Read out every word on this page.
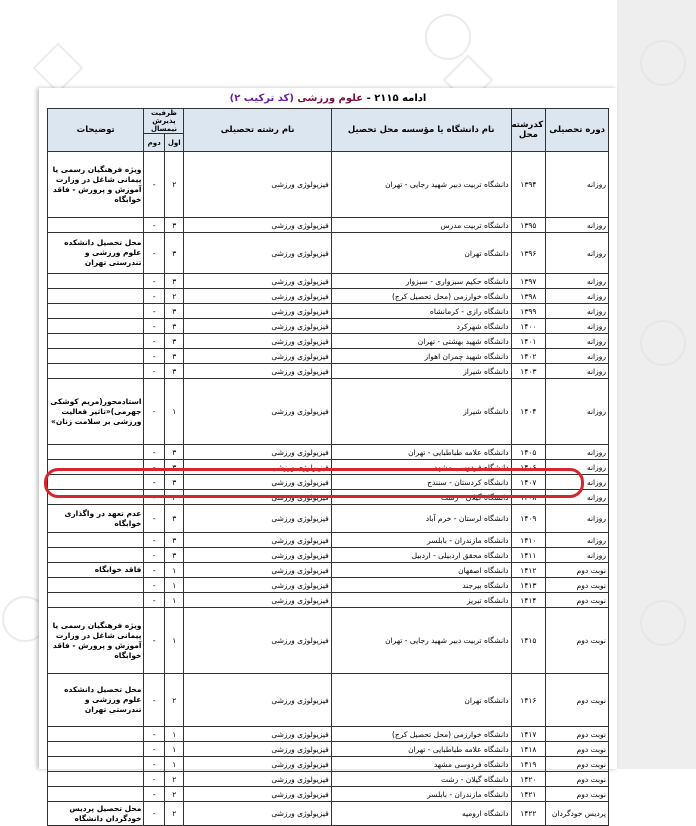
ادامه ۲۱۱۵ - علوم ورزشی (کد ترکیب ۲)
دوره تحصیلی	کدرشته محل	نام دانشگاه یا مؤسسه محل تحصیل	نام رشته تحصیلی	ظرفیت پذیرش نیمسال		توضیحات
				اول	دوم	
روزانه	۱۳۹۴	دانشگاه تربیت دبیر شهید رجایی - تهران	فیزیولوژی ورزشی	۲	-	ویژه فرهنگیان رسمی یا پیمانی شاغل در وزارت آموزش و پرورش - فاقد خوابگاه
روزانه	۱۳۹۵	دانشگاه تربیت مدرس	فیزیولوژی ورزشی	۳	-	
روزانه	۱۳۹۶	دانشگاه تهران	فیزیولوژی ورزشی	۳	-	محل تحصیل دانشکده علوم ورزشی و تندرستی تهران
روزانه	۱۳۹۷	دانشگاه حکیم سبزواری - سبزوار	فیزیولوژی ورزشی	۳	-	
روزانه	۱۳۹۸	دانشگاه خوارزمی (محل تحصیل کرج)	فیزیولوژی ورزشی	۲	-	
روزانه	۱۳۹۹	دانشگاه رازی - کرمانشاه	فیزیولوژی ورزشی	۳	-	
روزانه	۱۴۰۰	دانشگاه شهرکرد	فیزیولوژی ورزشی	۳	-	
روزانه	۱۴۰۱	دانشگاه شهید بهشتی - تهران	فیزیولوژی ورزشی	۳	-	
روزانه	۱۴۰۲	دانشگاه شهید چمران اهواز	فیزیولوژی ورزشی	۳	-	
روزانه	۱۴۰۳	دانشگاه شیراز	فیزیولوژی ورزشی	۳	-	
روزانه	۱۴۰۴	دانشگاه شیراز	فیزیولوژی ورزشی	۱	-	استادمحور(مریم کوشکی جهرمی)«تاثیر فعالیت ورزشی بر سلامت زنان»
روزانه	۱۴۰۵	دانشگاه علامه طباطبایی - تهران	فیزیولوژی ورزشی	۳	-	
روزانه	۱۴۰۶	دانشگاه فردوسی مشهد	فیزیولوژی ورزشی	۳	-	
روزانه	۱۴۰۷	دانشگاه کردستان - سنندج	فیزیولوژی ورزشی	۳	-	
روزانه	۱۴۰۸	دانشگاه گیلان - رشت	فیزیولوژی ورزشی	۳	-	
روزانه	۱۴۰۹	دانشگاه لرستان - خرم آباد	فیزیولوژی ورزشی	۳	-	عدم تعهد در واگذاری خوابگاه
روزانه	۱۴۱۰	دانشگاه مازندران - بابلسر	فیزیولوژی ورزشی	۳	-	
روزانه	۱۴۱۱	دانشگاه محقق اردبیلی - اردبیل	فیزیولوژی ورزشی	۳	-	
نوبت دوم	۱۴۱۲	دانشگاه اصفهان	فیزیولوژی ورزشی	۱	-	فاقد خوابگاه
نوبت دوم	۱۴۱۳	دانشگاه بیرجند	فیزیولوژی ورزشی	۱	-	
نوبت دوم	۱۴۱۴	دانشگاه تبریز	فیزیولوژی ورزشی	۱	-	
نوبت دوم	۱۴۱۵	دانشگاه تربیت دبیر شهید رجایی - تهران	فیزیولوژی ورزشی	۱	-	ویژه فرهنگیان رسمی یا پیمانی شاغل در وزارت آموزش و پرورش - فاقد خوابگاه
نوبت دوم	۱۴۱۶	دانشگاه تهران	فیزیولوژی ورزشی	۲	-	محل تحصیل دانشکده علوم ورزشی و تندرستی تهران
نوبت دوم	۱۴۱۷	دانشگاه خوارزمی (محل تحصیل کرج)	فیزیولوژی ورزشی	۱	-	
نوبت دوم	۱۴۱۸	دانشگاه علامه طباطبایی - تهران	فیزیولوژی ورزشی	۱	-	
نوبت دوم	۱۴۱۹	دانشگاه فردوسی مشهد	فیزیولوژی ورزشی	۱	-	
نوبت دوم	۱۴۲۰	دانشگاه گیلان - رشت	فیزیولوژی ورزشی	۲	-	
نوبت دوم	۱۴۲۱	دانشگاه مازندران - بابلسر	فیزیولوژی ورزشی	۲	-	
پردیس خودگردان	۱۴۲۲	دانشگاه ارومیه	فیزیولوژی ورزشی	۲	-	محل تحصیل پردیس خودگردان دانشگاه
